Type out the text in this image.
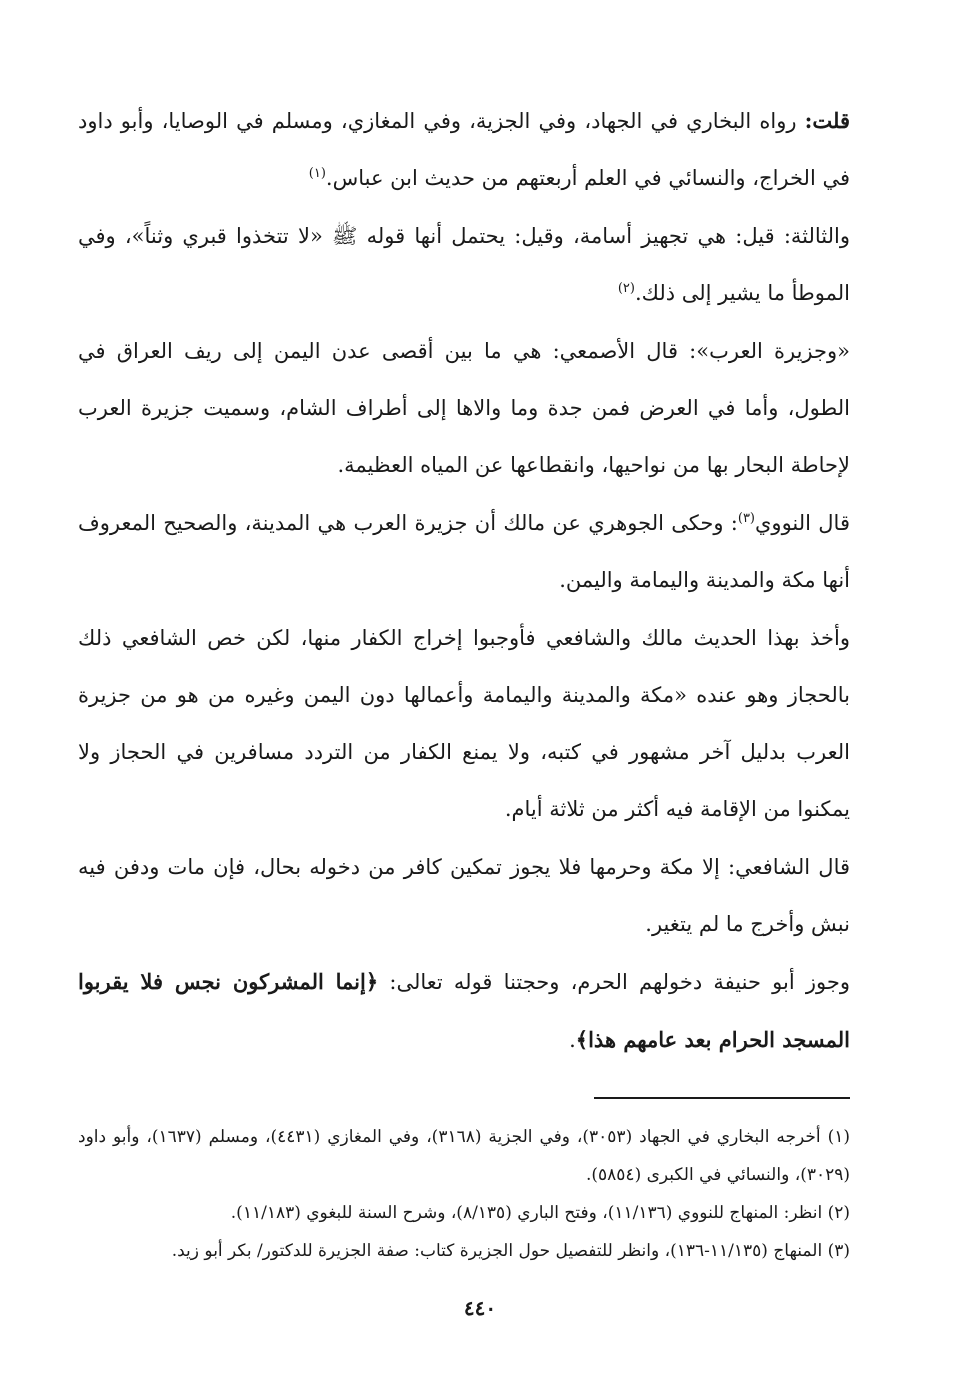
قلت: رواه البخاري في الجهاد، وفي الجزية، وفي المغازي، ومسلم في الوصايا، وأبو داود في الخراج، والنسائي في العلم أربعتهم من حديث ابن عباس.$^{(١)}$

والثالثة: قيل: هي تجهيز أسامة، وقيل: يحتمل أنها قوله ﷺ «لا تتخذوا قبري وثناً»، وفي الموطأ ما يشير إلى ذلك.$^{(٢)}$

«وجزيرة العرب»: قال الأصمعي: هي ما بين أقصى عدن اليمن إلى ريف العراق في الطول، وأما في العرض فمن جدة وما والاها إلى أطراف الشام، وسميت جزيرة العرب لإحاطة البحار بها من نواحيها، وانقطاعها عن المياه العظيمة.

قال النووي$^{(٣)}$: وحكى الجوهري عن مالك أن جزيرة العرب هي المدينة، والصحيح المعروف أنها مكة والمدينة واليمامة واليمن.

وأخذ بهذا الحديث مالك والشافعي فأوجبوا إخراج الكفار منها، لكن خص الشافعي ذلك بالحجاز وهو عنده «مكة والمدينة واليمامة وأعمالها دون اليمن وغيره من هو من جزيرة العرب بدليل آخر مشهور في كتبه، ولا يمنع الكفار من التردد مسافرين في الحجاز ولا يمكنوا من الإقامة فيه أكثر من ثلاثة أيام.

قال الشافعي: إلا مكة وحرمها فلا يجوز تمكين كافر من دخوله بحال، فإن مات ودفن فيه نبش وأخرج ما لم يتغير.

وجوز أبو حنيفة دخولهم الحرم، وحجتنا قوله تعالى: ﴿إنما المشركون نجس فلا يقربوا المسجد الحرام بعد عامهم هذا﴾.

(١) أخرجه البخاري في الجهاد (٣٠٥٣)، وفي الجزية (٣١٦٨)، وفي المغازي (٤٤٣١)، ومسلم (١٦٣٧)، وأبو داود (٣٠٢٩)، والنسائي في الكبرى (٥٨٥٤).

(٢) انظر: المنهاج للنووي (١١/١٣٦)، وفتح الباري (٨/١٣٥)، وشرح السنة للبغوي (١١/١٨٣).

(٣) المنهاج (١١/١٣٥-١٣٦)، وانظر للتفصيل حول الجزيرة كتاب: صفة الجزيرة للدكتور/ بكر أبو زيد.

٤٤٠
